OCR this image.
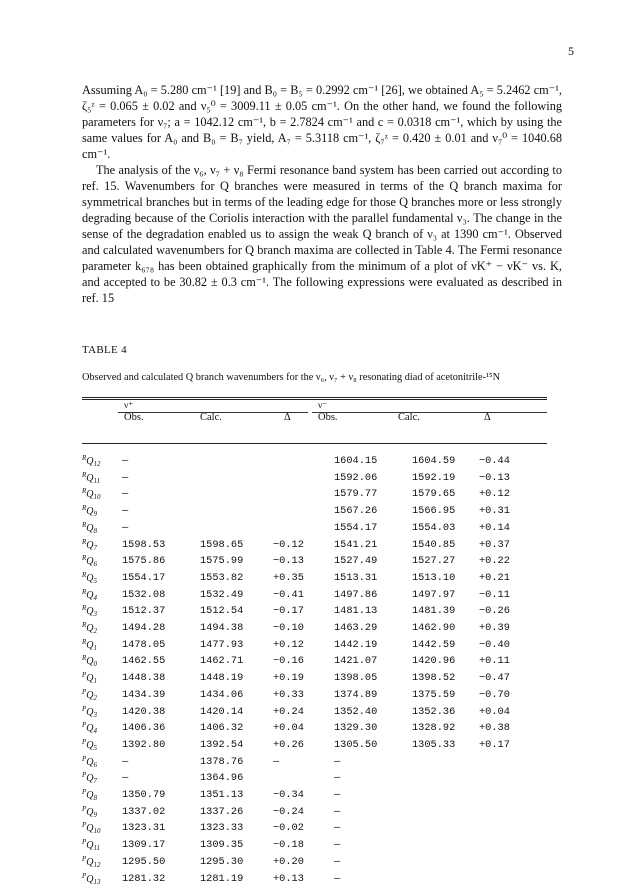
5

Assuming A₀ = 5.280 cm⁻¹ [19] and B₀ = B₅ = 0.2992 cm⁻¹ [26], we obtained A₅ = 5.2462 cm⁻¹, ζ₅ᶻ = 0.065 ± 0.02 and ν₅⁰ = 3009.11 ± 0.05 cm⁻¹. On the other hand, we found the following parameters for ν₇; a = 1042.12 cm⁻¹, b = 2.7824 cm⁻¹ and c = 0.0318 cm⁻¹, which by using the same values for A₀ and B₀ = B₇ yield, A₇ = 5.3118 cm⁻¹, ζ₇ᶻ = 0.420 ± 0.01 and ν₇⁰ = 1040.68 cm⁻¹.

The analysis of the ν₆, ν₇ + ν₈ Fermi resonance band system has been carried out according to ref. 15. Wavenumbers for Q branches were measured in terms of the Q branch maxima for symmetrical branches but in terms of the leading edge for those Q branches more or less strongly degrading because of the Coriolis interaction with the parallel fundamental ν₃. The change in the sense of the degradation enabled us to assign the weak Q branch of ν₃ at 1390 cm⁻¹. Observed and calculated wavenumbers for Q branch maxima are collected in Table 4. The Fermi resonance parameter k₆₇₈ has been obtained graphically from the minimum of a plot of νK⁺ − νK⁻ vs. K, and accepted to be 30.82 ± 0.3 cm⁻¹. The following expressions were evaluated as described in ref. 15

TABLE 4
Observed and calculated Q branch wavenumbers for the ν₆, ν₇ + ν₈ resonating diad of acetonitrile-¹⁵N
ν⁺	ν⁻
Obs.	Calc.	Δ	Obs.	Calc.	Δ
$^RQ_{12}$	—			1604.15	1604.59	−0.44
$^RQ_{11}$	—			1592.06	1592.19	−0.13
$^RQ_{10}$	—			1579.77	1579.65	+0.12
$^RQ_9$	—			1567.26	1566.95	+0.31
$^RQ_8$	—			1554.17	1554.03	+0.14
$^RQ_7$	1598.53	1598.65	−0.12	1541.21	1540.85	+0.37
$^RQ_6$	1575.86	1575.99	−0.13	1527.49	1527.27	+0.22
$^RQ_5$	1554.17	1553.82	+0.35	1513.31	1513.10	+0.21
$^RQ_4$	1532.08	1532.49	−0.41	1497.86	1497.97	−0.11
$^RQ_3$	1512.37	1512.54	−0.17	1481.13	1481.39	−0.26
$^RQ_2$	1494.28	1494.38	−0.10	1463.29	1462.90	+0.39
$^RQ_1$	1478.05	1477.93	+0.12	1442.19	1442.59	−0.40
$^RQ_0$	1462.55	1462.71	−0.16	1421.07	1420.96	+0.11
$^PQ_1$	1448.38	1448.19	+0.19	1398.05	1398.52	−0.47
$^PQ_2$	1434.39	1434.06	+0.33	1374.89	1375.59	−0.70
$^PQ_3$	1420.38	1420.14	+0.24	1352.40	1352.36	+0.04
$^PQ_4$	1406.36	1406.32	+0.04	1329.30	1328.92	+0.38
$^PQ_5$	1392.80	1392.54	+0.26	1305.50	1305.33	+0.17
$^PQ_6$	—	1378.76	—	—		
$^PQ_7$	—	1364.96		—		
$^PQ_8$	1350.79	1351.13	−0.34	—		
$^PQ_9$	1337.02	1337.26	−0.24	—		
$^PQ_{10}$	1323.31	1323.33	−0.02	—		
$^PQ_{11}$	1309.17	1309.35	−0.18	—		
$^PQ_{12}$	1295.50	1295.30	+0.20	—		
$^PQ_{13}$	1281.32	1281.19	+0.13	—		
